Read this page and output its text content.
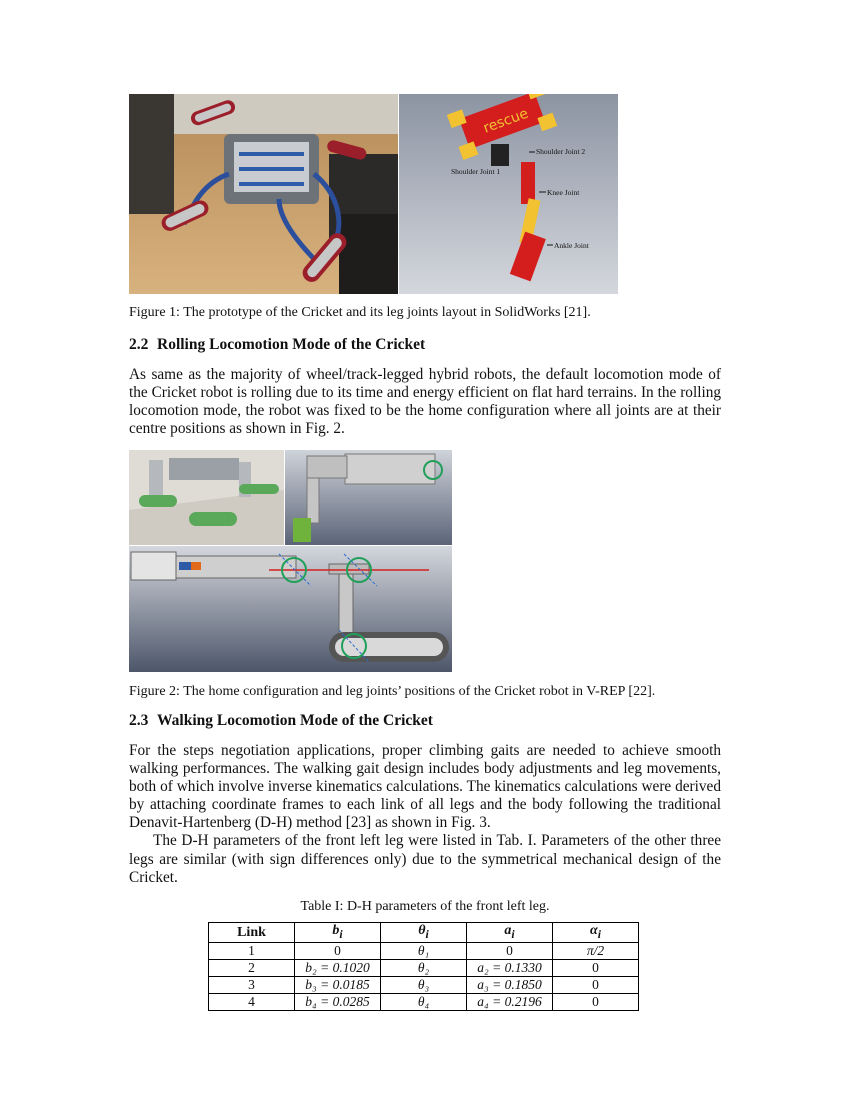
rescue
Shoulder Joint 2
Shoulder Joint 1
Knee Joint
Ankle Joint
Figure 1: The prototype of the Cricket and its leg joints layout in SolidWorks [21].
2.2 Rolling Locomotion Mode of the Cricket

As same as the majority of wheel/track-legged hybrid robots, the default locomotion mode of the Cricket robot is rolling due to its time and energy efficient on flat hard terrains. In the rolling locomotion mode, the robot was fixed to be the home configuration where all joints are at their centre positions as shown in Fig. 2.

Figure 2: The home configuration and leg joints’ positions of the Cricket robot in V-REP [22].
2.3 Walking Locomotion Mode of the Cricket

For the steps negotiation applications, proper climbing gaits are needed to achieve smooth walking performances. The walking gait design includes body adjustments and leg movements, both of which involve inverse kinematics calculations. The kinematics calculations were derived by attaching coordinate frames to each link of all legs and the body following the traditional Denavit-Hartenberg (D-H) method [23] as shown in Fig. 3.

The D-H parameters of the front left leg were listed in Tab. I. Parameters of the other three legs are similar (with sign differences only) due to the symmetrical mechanical design of the Cricket.

Table I: D-H parameters of the front left leg.
Link	$b_i$	$\theta_i$	$a_i$	$\alpha_i$
1	0	θ₁	0	π/2
2	b₂ = 0.1020	θ₂	a₂ = 0.1330	0
3	b₃ = 0.0185	θ₃	a₃ = 0.1850	0
4	b₄ = 0.0285	θ₄	a₄ = 0.2196	0
